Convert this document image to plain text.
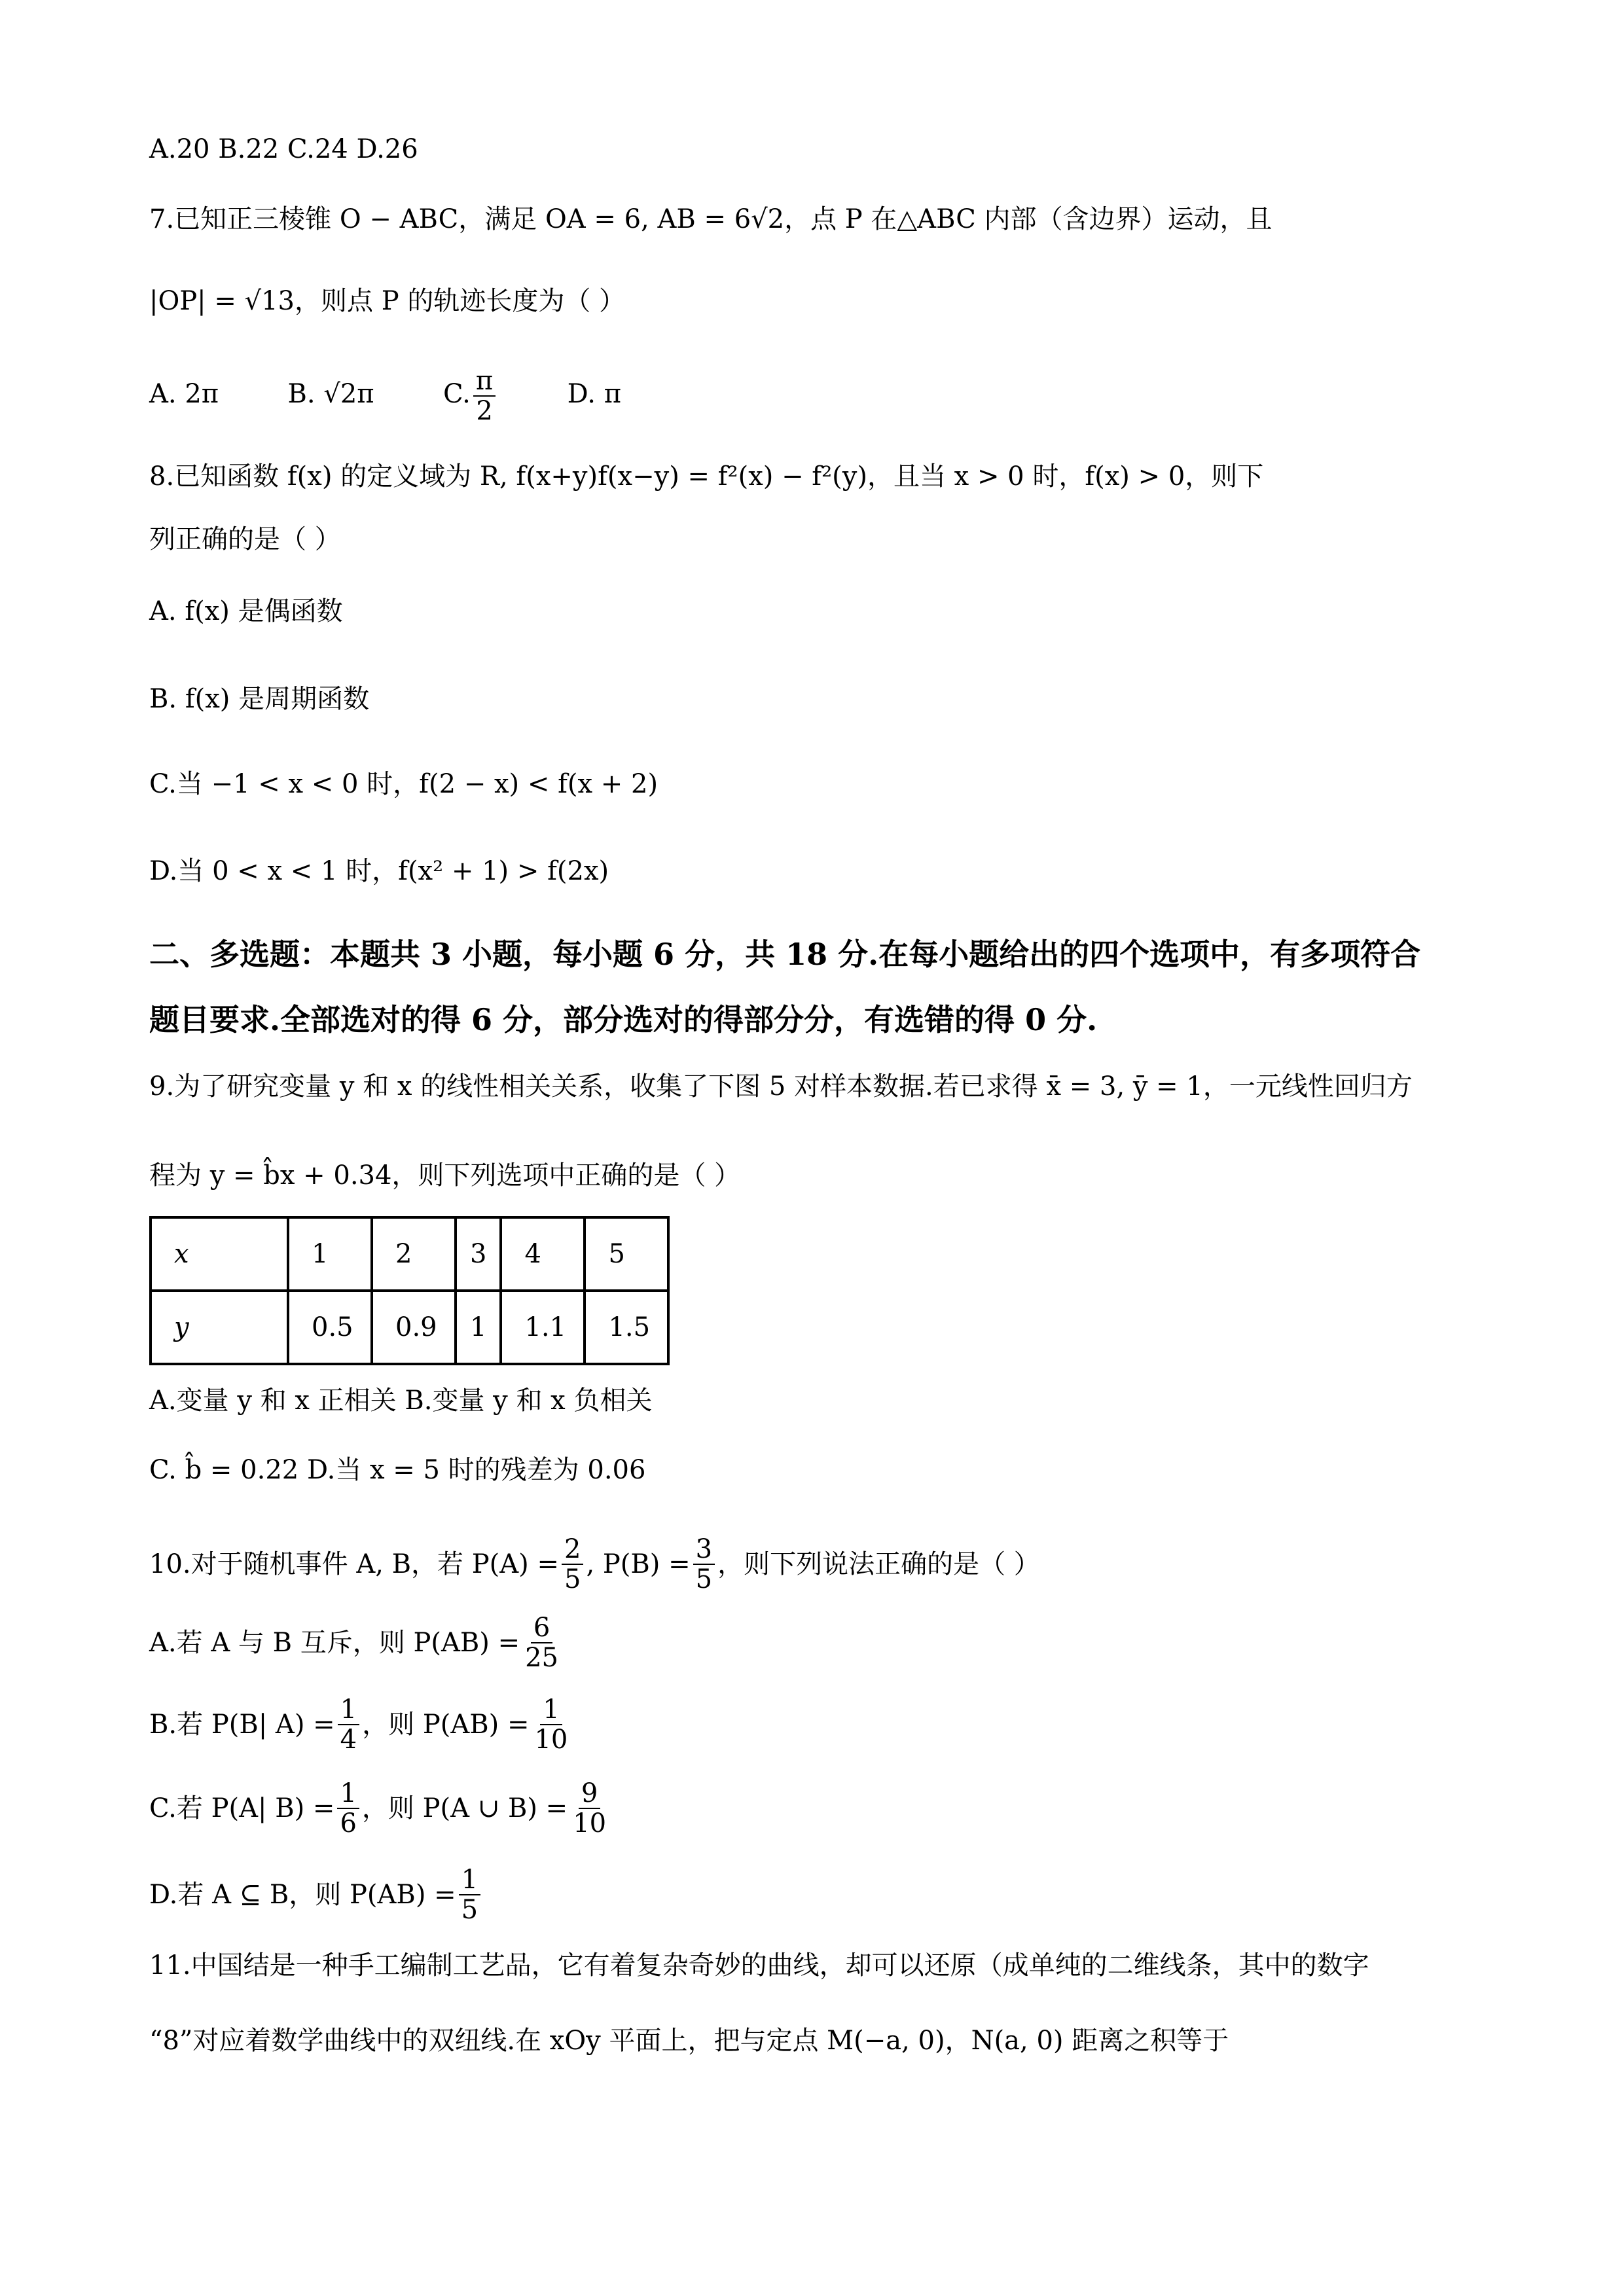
A.20 B.22 C.24 D.26
7.已知正三棱锥 O − ABC，满足 OA = 6, AB = 6√2，点 P 在△ABC 内部（含边界）运动，且
|OP| = √13，则点 P 的轨迹长度为（ ）
A. 2π	B. √2π	C. $\frac{\pi}{2}$	D. π
8.已知函数 f(x) 的定义域为 R, f(x+y)f(x−y) = f²(x) − f²(y)，且当 x > 0 时，f(x) > 0，则下
列正确的是（ ）
A. f(x) 是偶函数
B. f(x) 是周期函数
C.当 −1 < x < 0 时，f(2 − x) < f(x + 2)
D.当 0 < x < 1 时，f(x² + 1) > f(2x)
二、多选题：本题共 3 小题，每小题 6 分，共 18 分.在每小题给出的四个选项中，有多项符合
题目要求.全部选对的得 6 分，部分选对的得部分分，有选错的得 0 分.
9.为了研究变量 y 和 x 的线性相关关系，收集了下图 5 对样本数据.若已求得 x̄ = 3, ȳ = 1，一元线性回归方
程为 y = b̂x + 0.34，则下列选项中正确的是（ ）
x	1	2	3	4	5
y	0.5	0.9	1	1.1	1.5
A.变量 y 和 x 正相关 B.变量 y 和 x 负相关
C. b̂ = 0.22 D.当 x = 5 时的残差为 0.06
10.对于随机事件 A, B，若 $P(A) = \frac{2}{5}$ , $P(B) = \frac{3}{5}$ ，则下列说法正确的是（ ）
A.若 A 与 B 互斥，则 $P(AB) = \frac{6}{25}$
B.若 P(B| $A) = \frac{1}{4}$ ，则 $P(AB) = \frac{1}{10}$
C.若 P(A| $B) = \frac{1}{6}$ ，则 P(A ∪ $B) = \frac{9}{10}$
D.若 A ⊆ B，则 $P(AB) = \frac{1}{5}$
11.中国结是一种手工编制工艺品，它有着复杂奇妙的曲线，却可以还原（成单纯的二维线条，其中的数字
“8”对应着数学曲线中的双纽线.在 xOy 平面上，把与定点 M(−a, 0)，N(a, 0) 距离之积等于
